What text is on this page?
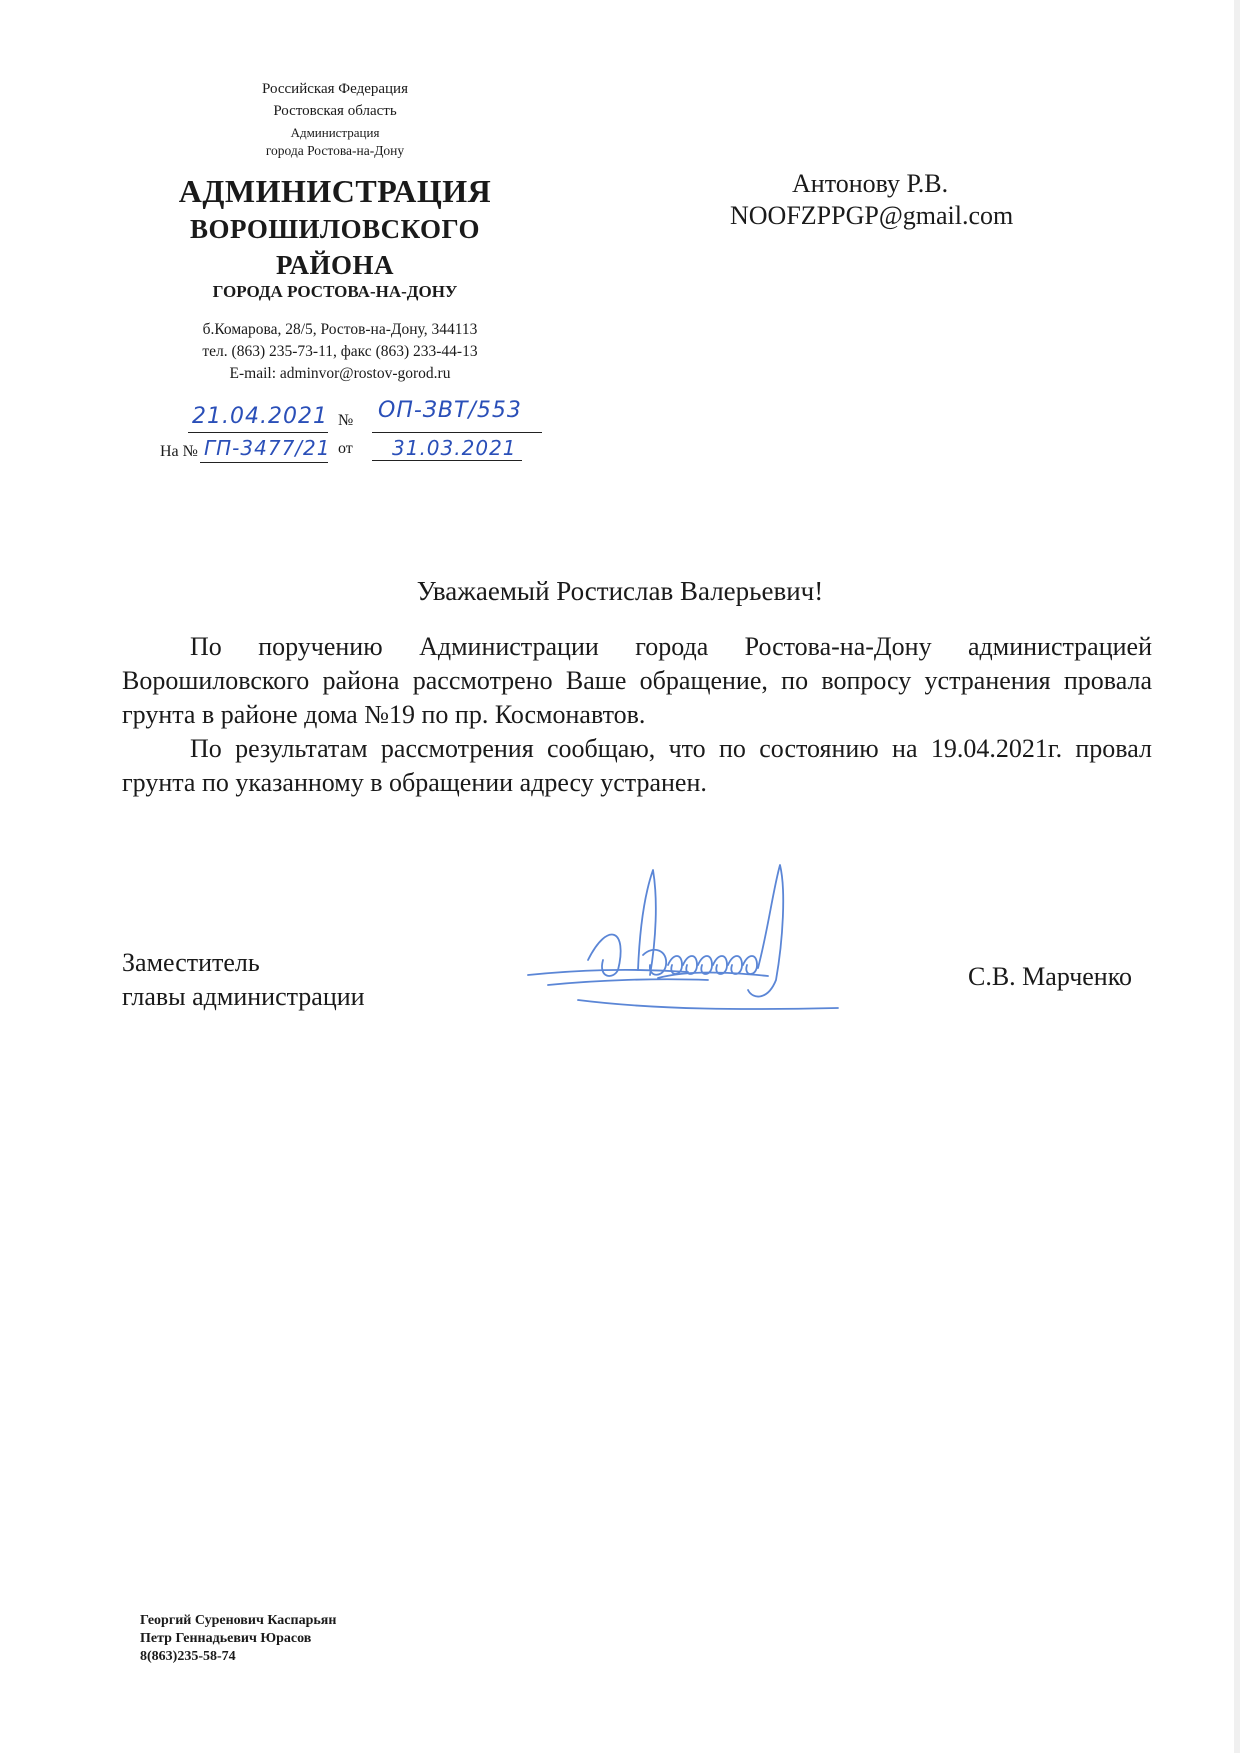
Российская Федерация
Ростовская область
Администрация
города Ростова-на-Дону
АДМИНИСТРАЦИЯ
ВОРОШИЛОВСКОГО
РАЙОНА
ГОРОДА РОСТОВА-НА-ДОНУ
б.Комарова, 28/5, Ростов-на-Дону, 344113
тел. (863) 235-73-11, факс (863) 233-44-13
E-mail: adminvor@rostov-gorod.ru
21.04.2021 № ОП-ЗВТ/553
На № ГП-3477/21 от 31.03.2021
Антонову Р.В.
NOOFZPPGP@gmail.com
Уважаемый Ростислав Валерьевич!
По поручению Администрации города Ростова-на-Дону администрацией Ворошиловского района рассмотрено Ваше обращение, по вопросу устранения провала грунта в районе дома №19 по пр. Космонавтов.
По результатам рассмотрения сообщаю, что по состоянию на 19.04.2021г. провал грунта по указанному в обращении адресу устранен.
Заместитель
главы администрации
С.В. Марченко
Георгий Суренович Каспарьян
Петр Геннадьевич Юрасов
8(863)235-58-74
